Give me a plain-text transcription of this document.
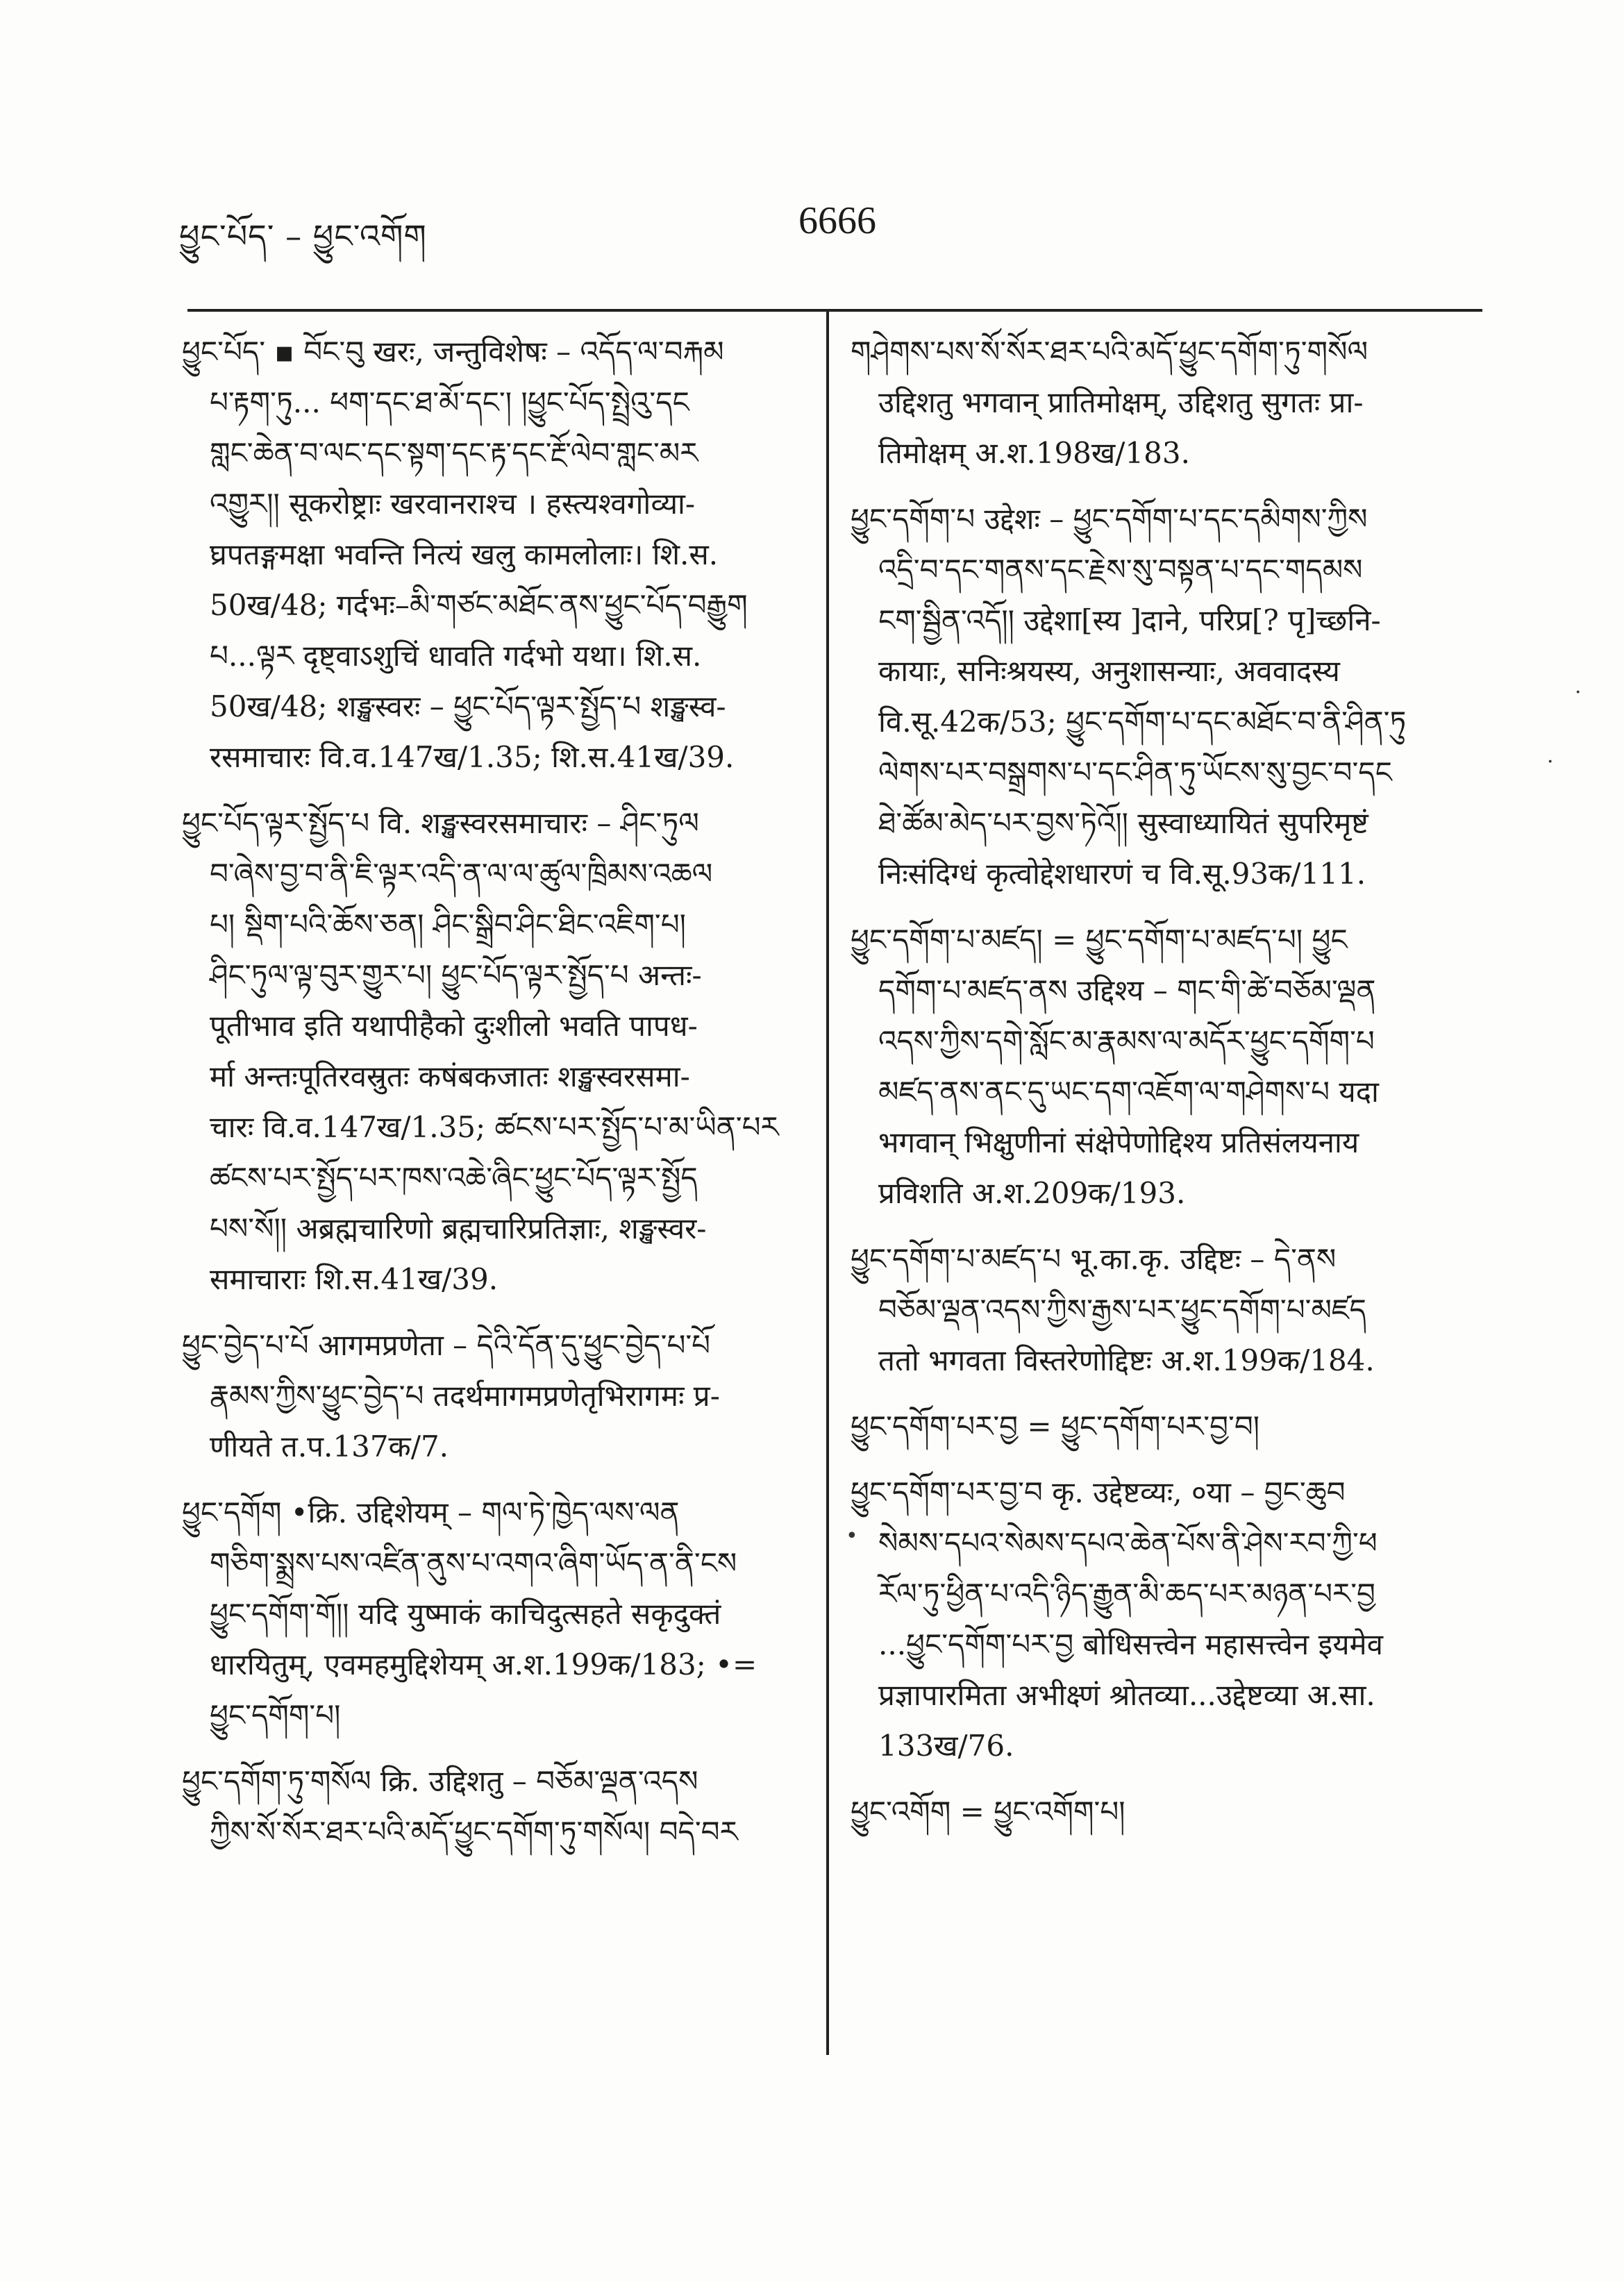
ཕྱུང་པོད་ – ཕྱུང་འགོག	6666
ཕྱུང་པོད་ ▪ བོང་བུ खरः, जन्तुविशेषः – འདོད་ལ་བརྐམ
པ་རྟག་ཏུ... ཕག་དང་ཐ་མོ་དང་། །ཕྱུང་པོད་སྤྲེའུ་དང
གླང་ཆེན་བ་ལང་དང་སྟག་དང་རྟ་དང་རྔོ་ལེབ་གླང་མར
འགྱུར།། सूकरोष्ट्राः खरवानराश्च । हस्त्यश्वगोव्या-
घ्रपतङ्गमक्षा भवन्ति नित्यं खलु कामलोलाः। शि.स.
50ख/48; गर्दभः–མི་གཙང་མཐོང་ནས་ཕྱུང་པོད་བརྒྱུག
པ...ལྟར दृष्ट्वाऽशुचिं धावति गर्दभो यथा। शि.स.
50ख/48; शङ्खस्वरः – ཕྱུང་པོད་ལྟར་སྤྱོད་པ शङ्खस्व-
रसमाचारः वि.व.147ख/1.35; शि.स.41ख/39.
ཕྱུང་པོད་ལྟར་སྤྱོད་པ वि. शङ्खस्वरसमाचारः – ཤིང་ཏུལ
བ་ཞེས་བྱ་བ་ནི་ཇི་ལྟར་འདི་ན་ལ་ལ་ཚུལ་ཁྲིམས་འཆལ
པ། སྡིག་པའི་ཆོས་ཅན། ཤིང་སྒྲིབ་ཤིང་ཐིང་འཇིག་པ།
ཤིང་ཏུལ་ལྟ་བུར་གྱུར་པ། ཕྱུང་པོད་ལྟར་སྤྱོད་པ अन्तः-
पूतीभाव इति यथापीहैको दुःशीलो भवति पापध-
र्मा अन्तःपूतिरवस्रुतः कषंबकजातः शङ्खस्वरसमा-
चारः वि.व.147ख/1.35; ཚངས་པར་སྤྱོད་པ་མ་ཡིན་པར
ཚངས་པར་སྤྱོད་པར་ཁས་འཆེ་ཞིང་ཕྱུང་པོད་ལྟར་སྤྱོད
པས་སོ།། अब्रह्मचारिणो ब्रह्मचारिप्रतिज्ञाः, शङ्खस्वर-
समाचाराः शि.स.41ख/39.
ཕྱུང་བྱེད་པ་པོ आगमप्रणेता – དེའི་དོན་དུ་ཕྱུང་བྱེད་པ་པོ
རྣམས་ཀྱིས་ཕྱུང་བྱེད་པ तदर्थमागमप्रणेतृभिरागमः प्र-
णीयते त.प.137क/7.
ཕྱུང་དགོག •क्रि. उद्दिशेयम् – གལ་ཏེ་ཁྱེད་ལས་ལན
གཅིག་སྨྲས་པས་འཛིན་ནུས་པ་འགའ་ཞིག་ཡོད་ན་ནི་ངས
ཕྱུང་དགོག་གོ།། यदि युष्माकं काचिदुत्सहते सकृदुक्तं
धारयितुम्, एवमहमुद्दिशेयम् अ.श.199क/183; •=
ཕྱུང་དགོག་པ།
ཕྱུང་དགོག་ཏུ་གསོལ क्रि. उद्दिशतु – བཅོམ་ལྡན་འདས
ཀྱིས་སོ་སོར་ཐར་པའི་མདོ་ཕྱུང་དགོག་ཏུ་གསོལ། བདེ་བར
གཤེགས་པས་སོ་སོར་ཐར་པའི་མདོ་ཕྱུང་དགོག་ཏུ་གསོལ
उद्दिशतु भगवान् प्रातिमोक्षम्, उद्दिशतु सुगतः प्रा-
तिमोक्षम् अ.श.198ख/183.
ཕྱུང་དགོག་པ उद्देशः – ཕྱུང་དགོག་པ་དང་དམིགས་ཀྱིས
འདྲི་བ་དང་གནས་དང་རྗེས་སུ་བསྟན་པ་དང་གདམས
ངག་སྦྱིན་འདོ།། उद्देशा[स्य ]दाने, परिप्र[? पृ]च्छनि-
कायाः, सनिःश्रयस्य, अनुशासन्याः, अववादस्य
वि.सू.42क/53; ཕྱུང་དགོག་པ་དང་མཐོང་བ་ནི་ཤིན་ཏུ
ལེགས་པར་བསྒྲགས་པ་དང་ཤིན་ཏུ་ཡོངས་སུ་བྱང་བ་དང
ཐེ་ཚོམ་མེད་པར་བྱས་ཏེའོ།། सुस्वाध्यायितं सुपरिमृष्टं
निःसंदिग्धं कृत्वोद्देशधारणं च वि.सू.93क/111.
ཕྱུང་དགོག་པ་མཛད། = ཕྱུང་དགོག་པ་མཛད་པ། ཕྱུང
དགོག་པ་མཛད་ནས उद्दिश्य – གང་གི་ཚེ་བཅོམ་ལྡན
འདས་ཀྱིས་དགེ་སློང་མ་རྣམས་ལ་མདོར་ཕྱུང་དགོག་པ
མཛད་ནས་ནང་དུ་ཡང་དག་འཇོག་ལ་གཤེགས་པ यदा
भगवान् भिक्षुणीनां संक्षेपेणोद्दिश्य प्रतिसंलयनाय
प्रविशति अ.श.209क/193.
ཕྱུང་དགོག་པ་མཛད་པ भू.का.कृ. उद्दिष्टः – དེ་ནས
བཅོམ་ལྡན་འདས་ཀྱིས་རྒྱས་པར་ཕྱུང་དགོག་པ་མཛད
ततो भगवता विस्तरेणोद्दिष्टः अ.श.199क/184.
ཕྱུང་དགོག་པར་བྱ = ཕྱུང་དགོག་པར་བྱ་བ།
ཕྱུང་དགོག་པར་བྱ་བ कृ. उद्देष्टव्यः, ०या – བྱང་ཆུབ
སེམས་དཔའ་སེམས་དཔའ་ཆེན་པོས་ནི་ཤེས་རབ་ཀྱི་ཕ
རོལ་ཏུ་ཕྱིན་པ་འདི་ཉིད་རྒྱུན་མི་ཆད་པར་མཉན་པར་བྱ
...ཕྱུང་དགོག་པར་བྱ बोधिसत्त्वेन महासत्त्वेन इयमेव
प्रज्ञापारमिता अभीक्ष्णं श्रोतव्या...उद्देष्टव्या अ.सा.
133ख/76.
ཕྱུང་འགོག = ཕྱུང་འགོག་པ།
·
·
•
